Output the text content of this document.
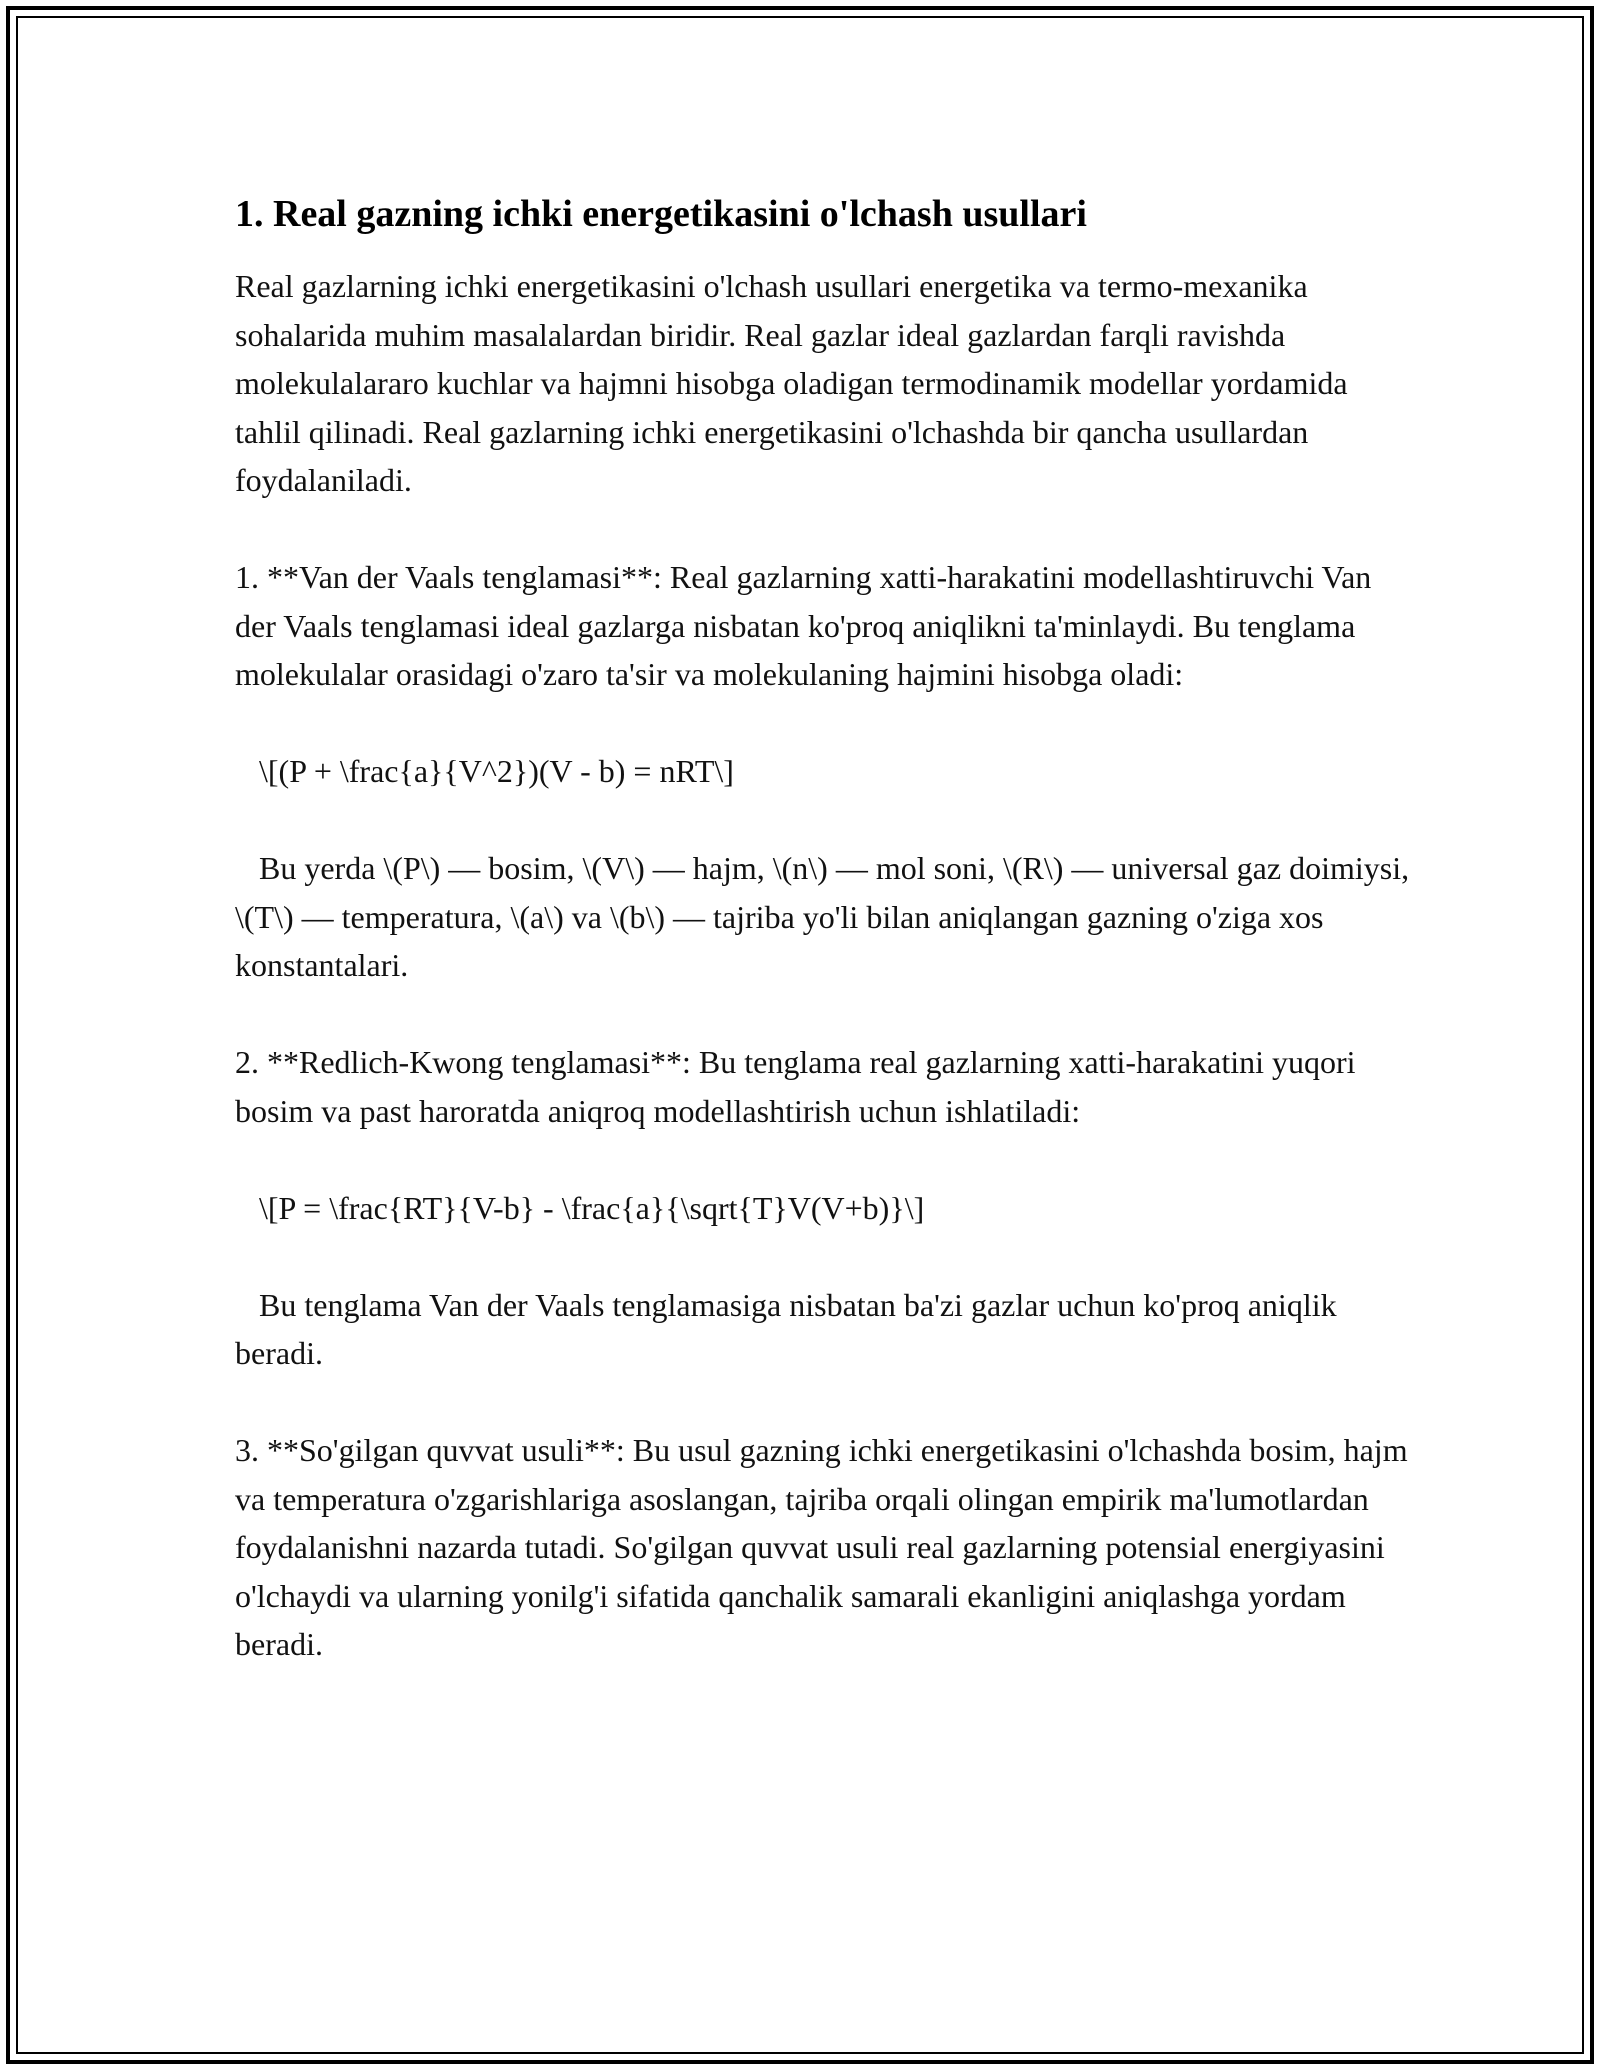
1. Real gazning ichki energetikasini o'lchash usullari

Real gazlarning ichki energetikasini o'lchash usullari energetika va termo-mexanika sohalarida muhim masalalardan biridir. Real gazlar ideal gazlardan farqli ravishda molekulalararo kuchlar va hajmni hisobga oladigan termodinamik modellar yordamida tahlil qilinadi. Real gazlarning ichki energetikasini o'lchashda bir qancha usullardan foydalaniladi.

1. **Van der Vaals tenglamasi**: Real gazlarning xatti-harakatini modellashtiruvchi Van der Vaals tenglamasi ideal gazlarga nisbatan ko'proq aniqlikni ta'minlaydi. Bu tenglama molekulalar orasidagi o'zaro ta'sir va molekulaning hajmini hisobga oladi:

\[(P + \frac{a}{V^2})(V - b) = nRT\]

Bu yerda \(P\) — bosim, \(V\) — hajm, \(n\) — mol soni, \(R\) — universal gaz doimiysi, \(T\) — temperatura, \(a\) va \(b\) — tajriba yo'li bilan aniqlangan gazning o'ziga xos konstantalari.

2. **Redlich-Kwong tenglamasi**: Bu tenglama real gazlarning xatti-harakatini yuqori bosim va past haroratda aniqroq modellashtirish uchun ishlatiladi:

\[P = \frac{RT}{V-b} - \frac{a}{\sqrt{T}V(V+b)}\]

Bu tenglama Van der Vaals tenglamasiga nisbatan ba'zi gazlar uchun ko'proq aniqlik beradi.

3. **So'gilgan quvvat usuli**: Bu usul gazning ichki energetikasini o'lchashda bosim, hajm va temperatura o'zgarishlariga asoslangan, tajriba orqali olingan empirik ma'lumotlardan foydalanishni nazarda tutadi. So'gilgan quvvat usuli real gazlarning potensial energiyasini o'lchaydi va ularning yonilg'i sifatida qanchalik samarali ekanligini aniqlashga yordam beradi.
